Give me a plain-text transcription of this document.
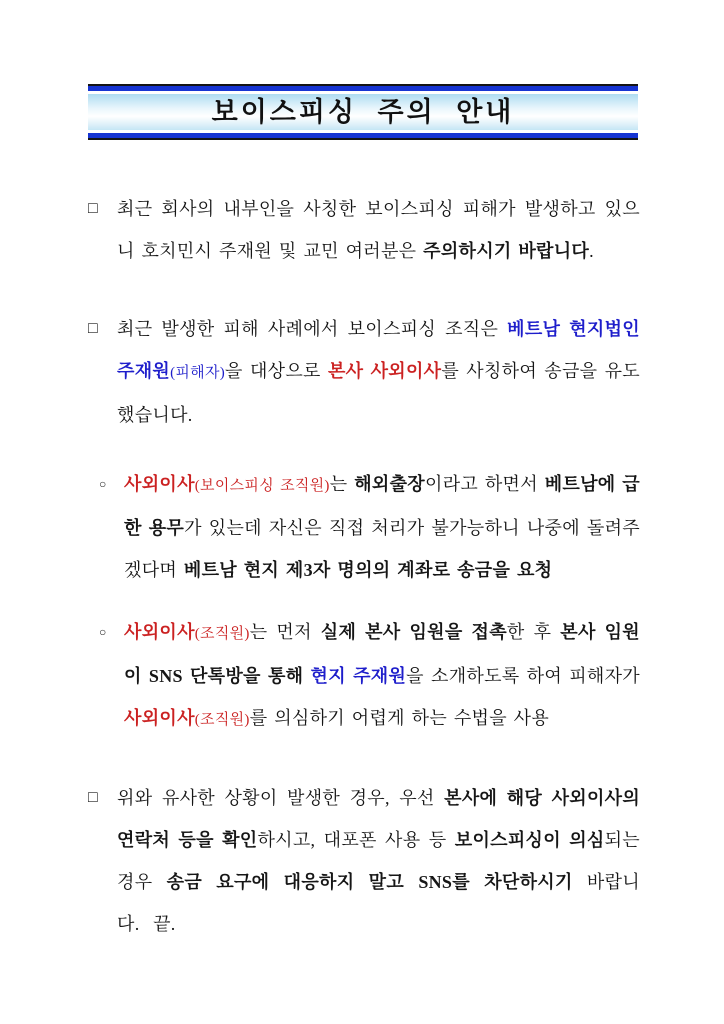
보이스피싱 주의 안내
□	최근 회사의 내부인을 사칭한 보이스피싱 피해가 발생하고 있으니 호치민시 주재원 및 교민 여러분은 주의하시기 바랍니다.
□	최근 발생한 피해 사례에서 보이스피싱 조직은 베트남 현지법인 주재원(피해자)을 대상으로 본사 사외이사를 사칭하여 송금을 유도했습니다.
○ 사외이사(보이스피싱 조직원)는 해외출장이라고 하면서 베트남에 급한 용무가 있는데 자신은 직접 처리가 불가능하니 나중에 돌려주겠다며 베트남 현지 제3자 명의의 계좌로 송금을 요청
○ 사외이사(조직원)는 먼저 실제 본사 임원을 접촉한 후 본사 임원이 SNS 단톡방을 통해 현지 주재원을 소개하도록 하여 피해자가 사외이사(조직원)를 의심하기 어렵게 하는 수법을 사용
□	위와 유사한 상황이 발생한 경우, 우선 본사에 해당 사외이사의 연락처 등을 확인하시고, 대포폰 사용 등 보이스피싱이 의심되는 경우 송금 요구에 대응하지 말고 SNS를 차단하시기 바랍니다.  끝.
